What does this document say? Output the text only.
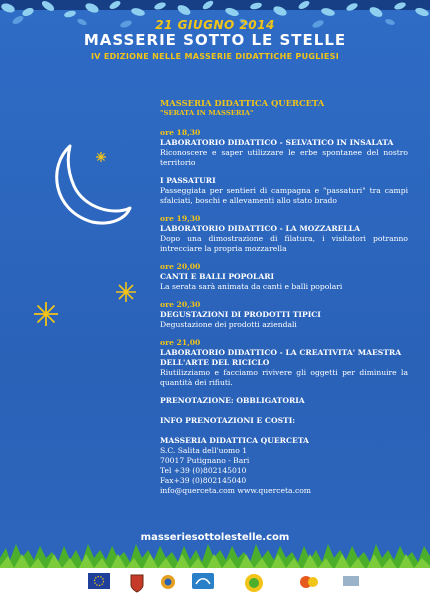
21 GIUGNO 2014
MASSERIE SOTTO LE STELLE
IV EDIZIONE NELLE MASSERIE DIDATTICHE PUGLIESI
MASSERIA DIDATTICA QUERCETA
"SERATA IN MASSERIA"
ore 18,30
LABORATORIO DIDATTICO - SELVATICO IN INSALATA
Riconoscere e saper utilizzare le erbe spontanee del nostro territorio
I PASSATURI
Passeggiata per sentieri di campagna e "passaturi" tra campi sfalciati, boschi e allevamenti allo stato brado
ore 19,30
LABORATORIO DIDATTICO - LA MOZZARELLA
Dopo una dimostrazione di filatura, i visitatori potranno intrecciare la propria mozzarella
ore 20,00
CANTI E BALLI POPOLARI
La serata sarà animata da canti e balli popolari
ore 20,30
DEGUSTAZIONI DI PRODOTTI TIPICI
Degustazione dei prodotti aziendali
ore 21,00
LABORATORIO DIDATTICO - LA CREATIVITA' MAESTRA DELL'ARTE DEL RICICLO
Riutilizziamo e facciamo rivivere gli oggetti per diminuire la quantità dei rifiuti.
PRENOTAZIONE: OBBLIGATORIA
INFO PRENOTAZIONI E COSTI:
MASSERIA DIDATTICA QUERCETA
S.C. Salita dell'uomo 1
70017 Putignano - Bari
Tel +39 (0)802145010
Fax+39 (0)802145040
info@querceta.com www.querceta.com
masseriesottolestelle.com
